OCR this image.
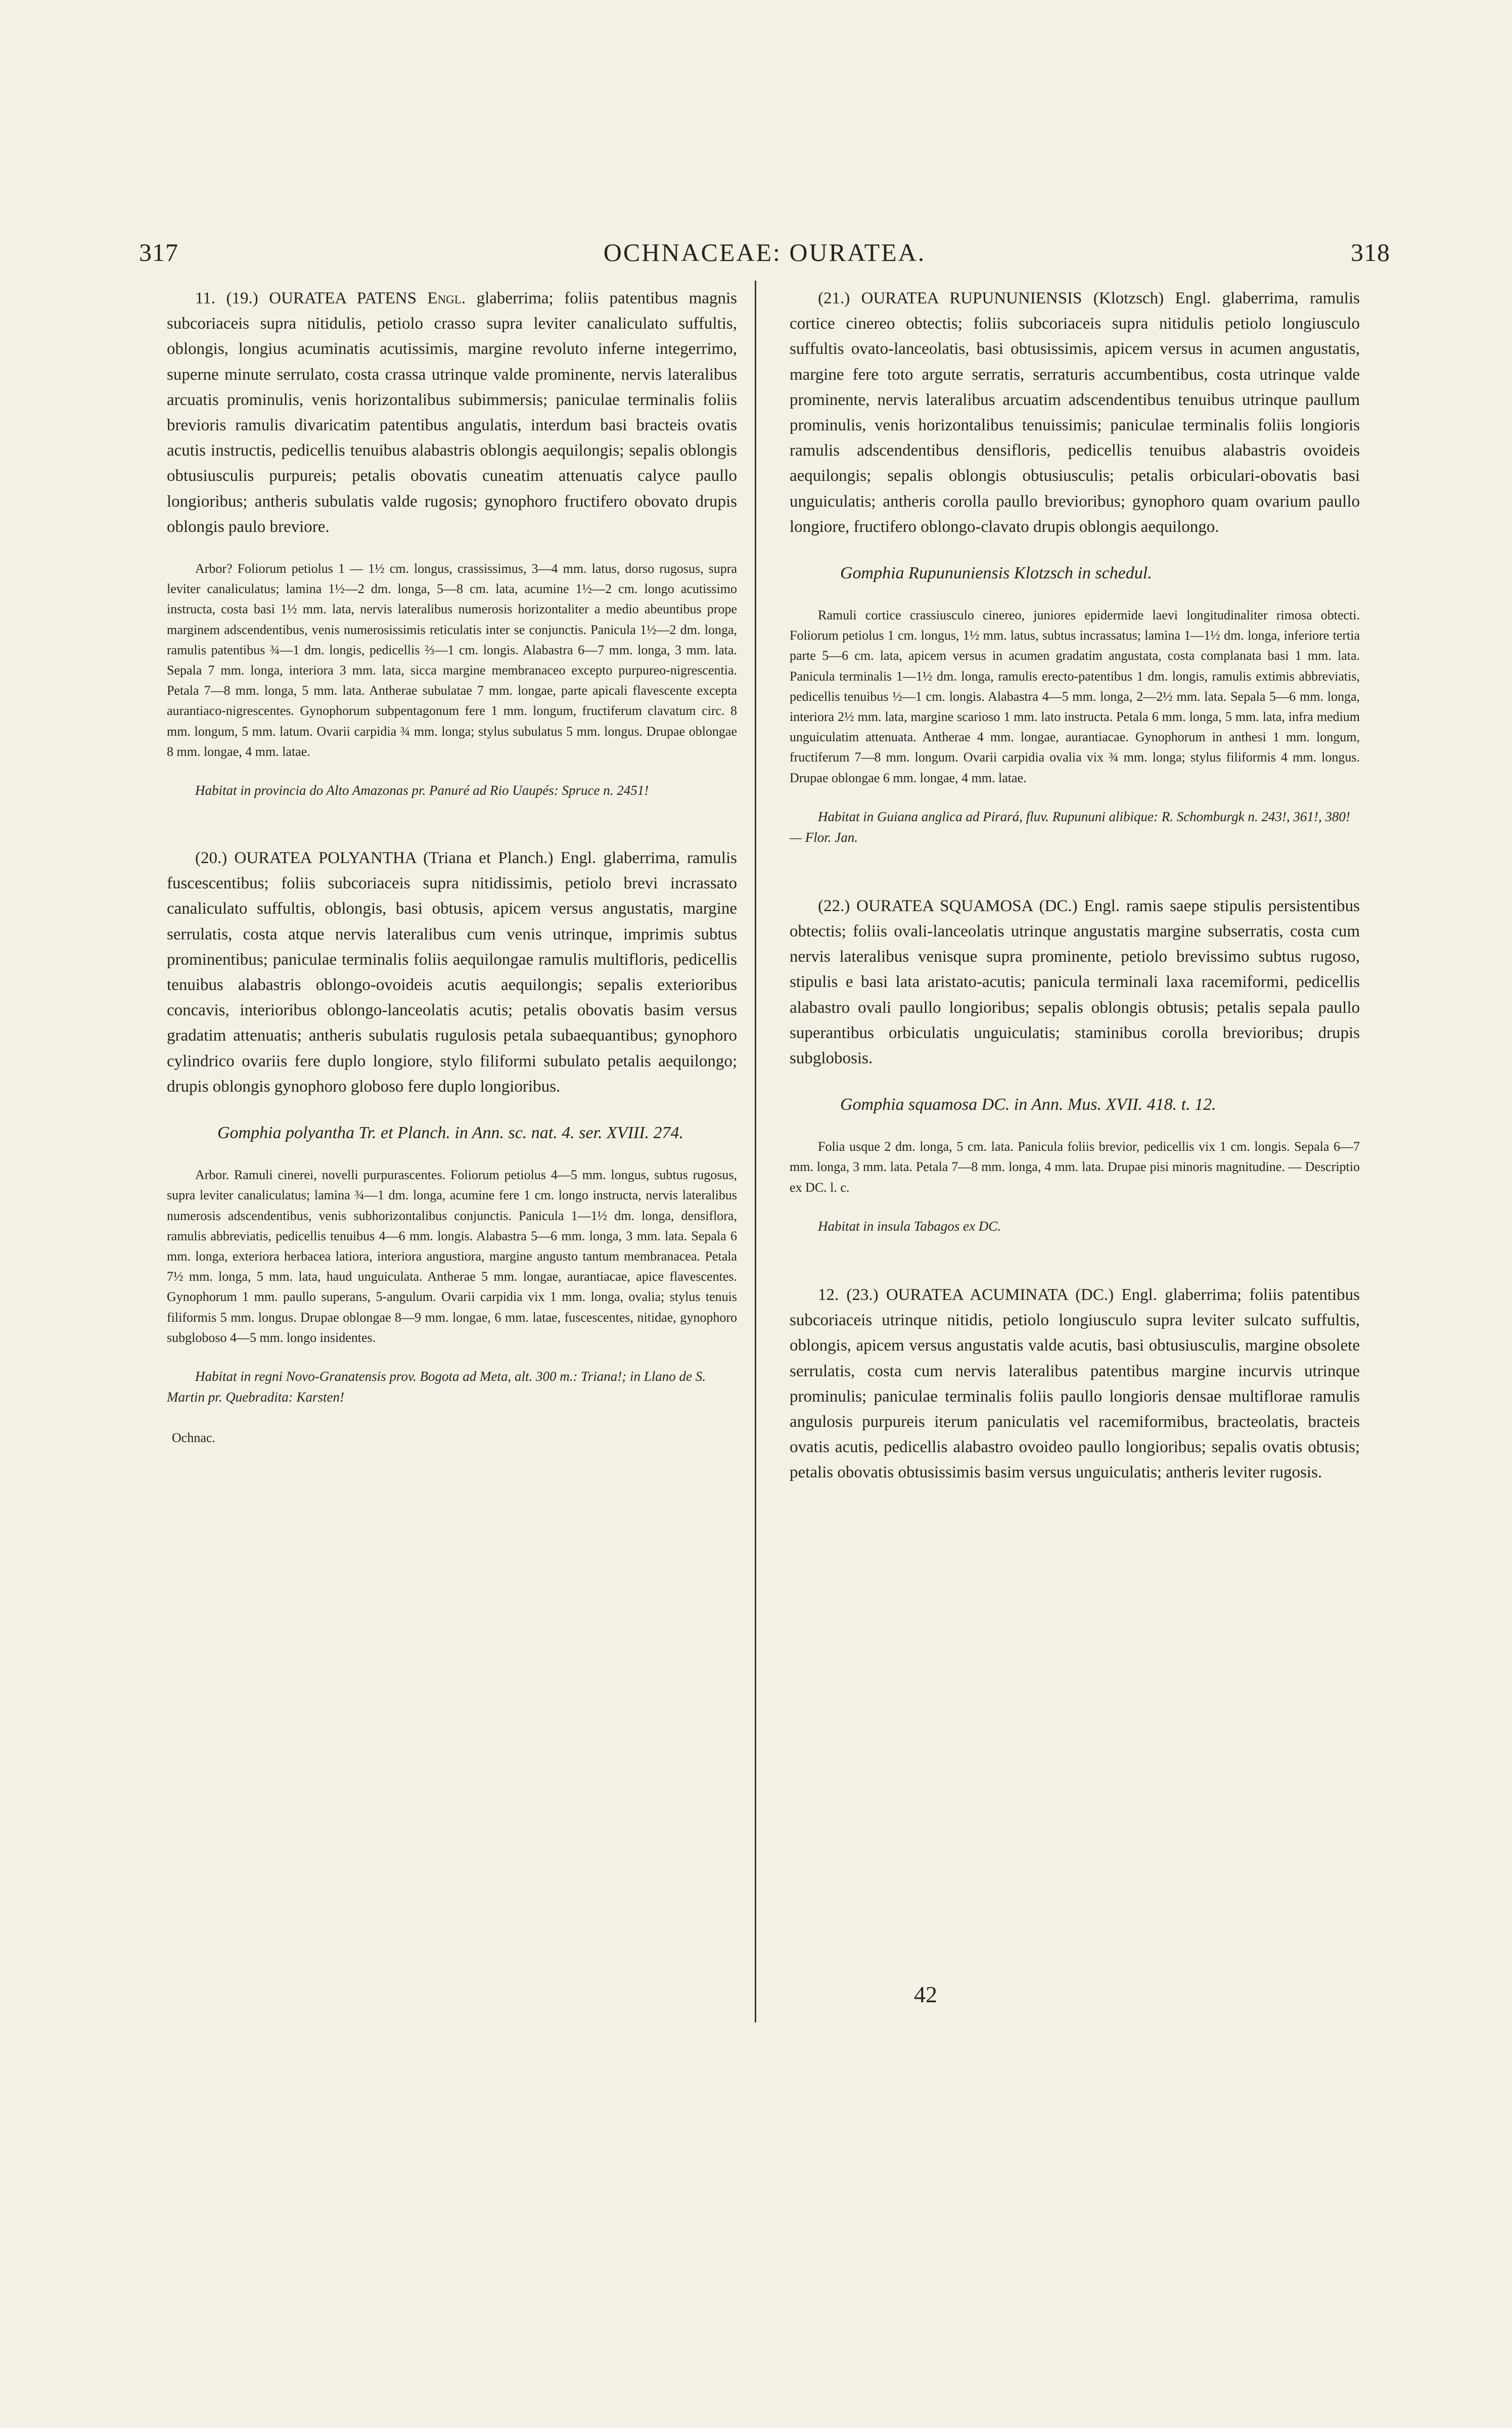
317	OCHNACEAE: OURATEA.	318

11. (19.) OURATEA PATENS Engl. glaberrima; foliis patentibus magnis subcoriaceis supra nitidulis, petiolo crasso supra leviter canaliculato suffultis, oblongis, longius acuminatis acutissimis, margine revoluto inferne integerrimo, superne minute serrulato, costa crassa utrinque valde prominente, nervis lateralibus arcuatis prominulis, venis horizontalibus subimmersis; paniculae terminalis foliis brevioris ramulis divaricatim patentibus angulatis, interdum basi bracteis ovatis acutis instructis, pedicellis tenuibus alabastris oblongis aequilongis; sepalis oblongis obtusiusculis purpureis; petalis obovatis cuneatim attenuatis calyce paullo longioribus; antheris subulatis valde rugosis; gynophoro fructifero obovato drupis oblongis paulo breviore.

Arbor? Foliorum petiolus 1 — 1½ cm. longus, crassissimus, 3—4 mm. latus, dorso rugosus, supra leviter canaliculatus; lamina 1½—2 dm. longa, 5—8 cm. lata, acumine 1½—2 cm. longo acutissimo instructa, costa basi 1½ mm. lata, nervis lateralibus numerosis horizontaliter a medio abeuntibus prope marginem adscendentibus, venis numerosissimis reticulatis inter se conjunctis. Panicula 1½—2 dm. longa, ramulis patentibus ¾—1 dm. longis, pedicellis ⅔—1 cm. longis. Alabastra 6—7 mm. longa, 3 mm. lata. Sepala 7 mm. longa, interiora 3 mm. lata, sicca margine membranaceo excepto purpureo-nigrescentia. Petala 7—8 mm. longa, 5 mm. lata. Antherae subulatae 7 mm. longae, parte apicali flavescente excepta aurantiaco-nigrescentes. Gynophorum subpentagonum fere 1 mm. longum, fructiferum clavatum circ. 8 mm. longum, 5 mm. latum. Ovarii carpidia ¾ mm. longa; stylus subulatus 5 mm. longus. Drupae oblongae 8 mm. longae, 4 mm. latae.

Habitat in provincia do Alto Amazonas pr. Panuré ad Rio Uaupés: Spruce n. 2451!

(20.) OURATEA POLYANTHA (Triana et Planch.) Engl. glaberrima, ramulis fuscescentibus; foliis subcoriaceis supra nitidissimis, petiolo brevi incrassato canaliculato suffultis, oblongis, basi obtusis, apicem versus angustatis, margine serrulatis, costa atque nervis lateralibus cum venis utrinque, imprimis subtus prominentibus; paniculae terminalis foliis aequilongae ramulis multifloris, pedicellis tenuibus alabastris oblongo-ovoideis acutis aequilongis; sepalis exterioribus concavis, interioribus oblongo-lanceolatis acutis; petalis obovatis basim versus gradatim attenuatis; antheris subulatis rugulosis petala subaequantibus; gynophoro cylindrico ovariis fere duplo longiore, stylo filiformi subulato petalis aequilongo; drupis oblongis gynophoro globoso fere duplo longioribus.

Gomphia polyantha Tr. et Planch. in Ann. sc. nat. 4. ser. XVIII. 274.

Arbor. Ramuli cinerei, novelli purpurascentes. Foliorum petiolus 4—5 mm. longus, subtus rugosus, supra leviter canaliculatus; lamina ¾—1 dm. longa, acumine fere 1 cm. longo instructa, nervis lateralibus numerosis adscendentibus, venis subhorizontalibus conjunctis. Panicula 1—1½ dm. longa, densiflora, ramulis abbreviatis, pedicellis tenuibus 4—6 mm. longis. Alabastra 5—6 mm. longa, 3 mm. lata. Sepala 6 mm. longa, exteriora herbacea latiora, interiora angustiora, margine angusto tantum membranacea. Petala 7½ mm. longa, 5 mm. lata, haud unguiculata. Antherae 5 mm. longae, aurantiacae, apice flavescentes. Gynophorum 1 mm. paullo superans, 5-angulum. Ovarii carpidia vix 1 mm. longa, ovalia; stylus tenuis filiformis 5 mm. longus. Drupae oblongae 8—9 mm. longae, 6 mm. latae, fuscescentes, nitidae, gynophoro subgloboso 4—5 mm. longo insidentes.

Habitat in regni Novo-Granatensis prov. Bogota ad Meta, alt. 300 m.: Triana!; in Llano de S. Martin pr. Quebradita: Karsten!

Ochnac.

(21.) OURATEA RUPUNUNIENSIS (Klotzsch) Engl. glaberrima, ramulis cortice cinereo obtectis; foliis subcoriaceis supra nitidulis petiolo longiusculo suffultis ovato-lanceolatis, basi obtusissimis, apicem versus in acumen angustatis, margine fere toto argute serratis, serraturis accumbentibus, costa utrinque valde prominente, nervis lateralibus arcuatim adscendentibus tenuibus utrinque paullum prominulis, venis horizontalibus tenuissimis; paniculae terminalis foliis longioris ramulis adscendentibus densifloris, pedicellis tenuibus alabastris ovoideis aequilongis; sepalis oblongis obtusiusculis; petalis orbiculari-obovatis basi unguiculatis; antheris corolla paullo brevioribus; gynophoro quam ovarium paullo longiore, fructifero oblongo-clavato drupis oblongis aequilongo.

Gomphia Rupununiensis Klotzsch in schedul.

Ramuli cortice crassiusculo cinereo, juniores epidermide laevi longitudinaliter rimosa obtecti. Foliorum petiolus 1 cm. longus, 1½ mm. latus, subtus incrassatus; lamina 1—1½ dm. longa, inferiore tertia parte 5—6 cm. lata, apicem versus in acumen gradatim angustata, costa complanata basi 1 mm. lata. Panicula terminalis 1—1½ dm. longa, ramulis erecto-patentibus 1 dm. longis, ramulis extimis abbreviatis, pedicellis tenuibus ½—1 cm. longis. Alabastra 4—5 mm. longa, 2—2½ mm. lata. Sepala 5—6 mm. longa, interiora 2½ mm. lata, margine scarioso 1 mm. lato instructa. Petala 6 mm. longa, 5 mm. lata, infra medium unguiculatim attenuata. Antherae 4 mm. longae, aurantiacae. Gynophorum in anthesi 1 mm. longum, fructiferum 7—8 mm. longum. Ovarii carpidia ovalia vix ¾ mm. longa; stylus filiformis 4 mm. longus. Drupae oblongae 6 mm. longae, 4 mm. latae.

Habitat in Guiana anglica ad Pirará, fluv. Rupununi alibique: R. Schomburgk n. 243!, 361!, 380! — Flor. Jan.

(22.) OURATEA SQUAMOSA (DC.) Engl. ramis saepe stipulis persistentibus obtectis; foliis ovali-lanceolatis utrinque angustatis margine subserratis, costa cum nervis lateralibus venisque supra prominente, petiolo brevissimo subtus rugoso, stipulis e basi lata aristato-acutis; panicula terminali laxa racemiformi, pedicellis alabastro ovali paullo longioribus; sepalis oblongis obtusis; petalis sepala paullo superantibus orbiculatis unguiculatis; staminibus corolla brevioribus; drupis subglobosis.

Gomphia squamosa DC. in Ann. Mus. XVII. 418. t. 12.

Folia usque 2 dm. longa, 5 cm. lata. Panicula foliis brevior, pedicellis vix 1 cm. longis. Sepala 6—7 mm. longa, 3 mm. lata. Petala 7—8 mm. longa, 4 mm. lata. Drupae pisi minoris magnitudine. — Descriptio ex DC. l. c.

Habitat in insula Tabagos ex DC.

12. (23.) OURATEA ACUMINATA (DC.) Engl. glaberrima; foliis patentibus subcoriaceis utrinque nitidis, petiolo longiusculo supra leviter sulcato suffultis, oblongis, apicem versus angustatis valde acutis, basi obtusiusculis, margine obsolete serrulatis, costa cum nervis lateralibus patentibus margine incurvis utrinque prominulis; paniculae terminalis foliis paullo longioris densae multiflorae ramulis angulosis purpureis iterum paniculatis vel racemiformibus, bracteolatis, bracteis ovatis acutis, pedicellis alabastro ovoideo paullo longioribus; sepalis ovatis obtusis; petalis obovatis obtusissimis basim versus unguiculatis; antheris leviter rugosis.

42
